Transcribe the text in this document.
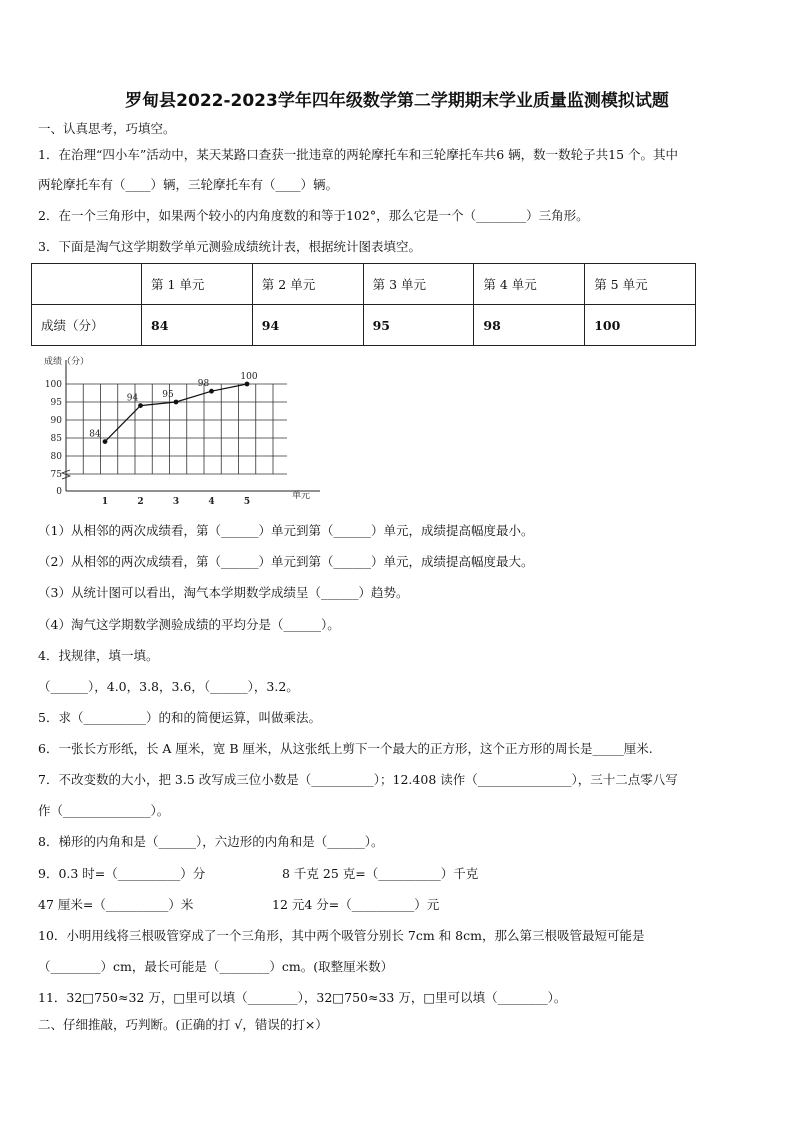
罗甸县2022-2023学年四年级数学第二学期期末学业质量监测模拟试题
一、认真思考，巧填空。
1．在治理“四小车”活动中，某天某路口查获一批违章的两轮摩托车和三轮摩托车共6 辆，数一数轮子共15 个。其中
两轮摩托车有（____）辆，三轮摩托车有（____）辆。
2．在一个三角形中，如果两个较小的内角度数的和等于102°，那么它是一个（________）三角形。
3．下面是淘气这学期数学单元测验成绩统计表，根据统计图表填空。
	第 1 单元	第 2 单元	第 3 单元	第 4 单元	第 5 单元
成绩（分）	84	94	95	98	100
0
75
80
85
90
95
100
1	2	3	4	5
成绩（分）
单元
84
94	95
98
100
（1）从相邻的两次成绩看，第（______）单元到第（______）单元，成绩提高幅度最小。
（2）从相邻的两次成绩看，第（______）单元到第（______）单元，成绩提高幅度最大。
（3）从统计图可以看出，淘气本学期数学成绩呈（______）趋势。
（4）淘气这学期数学测验成绩的平均分是（______）。
4．找规律，填一填。
（______），4.0，3.8，3.6，（______），3.2。
5．求（__________）的和的简便运算，叫做乘法。
6．一张长方形纸，长 A 厘米，宽 B 厘米，从这张纸上剪下一个最大的正方形，这个正方形的周长是_____厘米.
7．不改变数的大小，把 3.5 改写成三位小数是（__________）；12.408 读作（_______________），三十二点零八写
作（______________）。
8．梯形的内角和是（______），六边形的内角和是（______）。
9．0.3 时=（__________）分	8 千克 25 克=（__________）千克
47 厘米=（__________）米	12 元4 分=（__________）元
10．小明用线将三根吸管穿成了一个三角形，其中两个吸管分别长 7cm 和 8cm，那么第三根吸管最短可能是
（________）cm，最长可能是（________）cm。(取整厘米数）
11．32□750≈32 万，□里可以填（________），32□750≈33 万，□里可以填（________）。
二、仔细推敲，巧判断。(正确的打 √，错误的打×）
